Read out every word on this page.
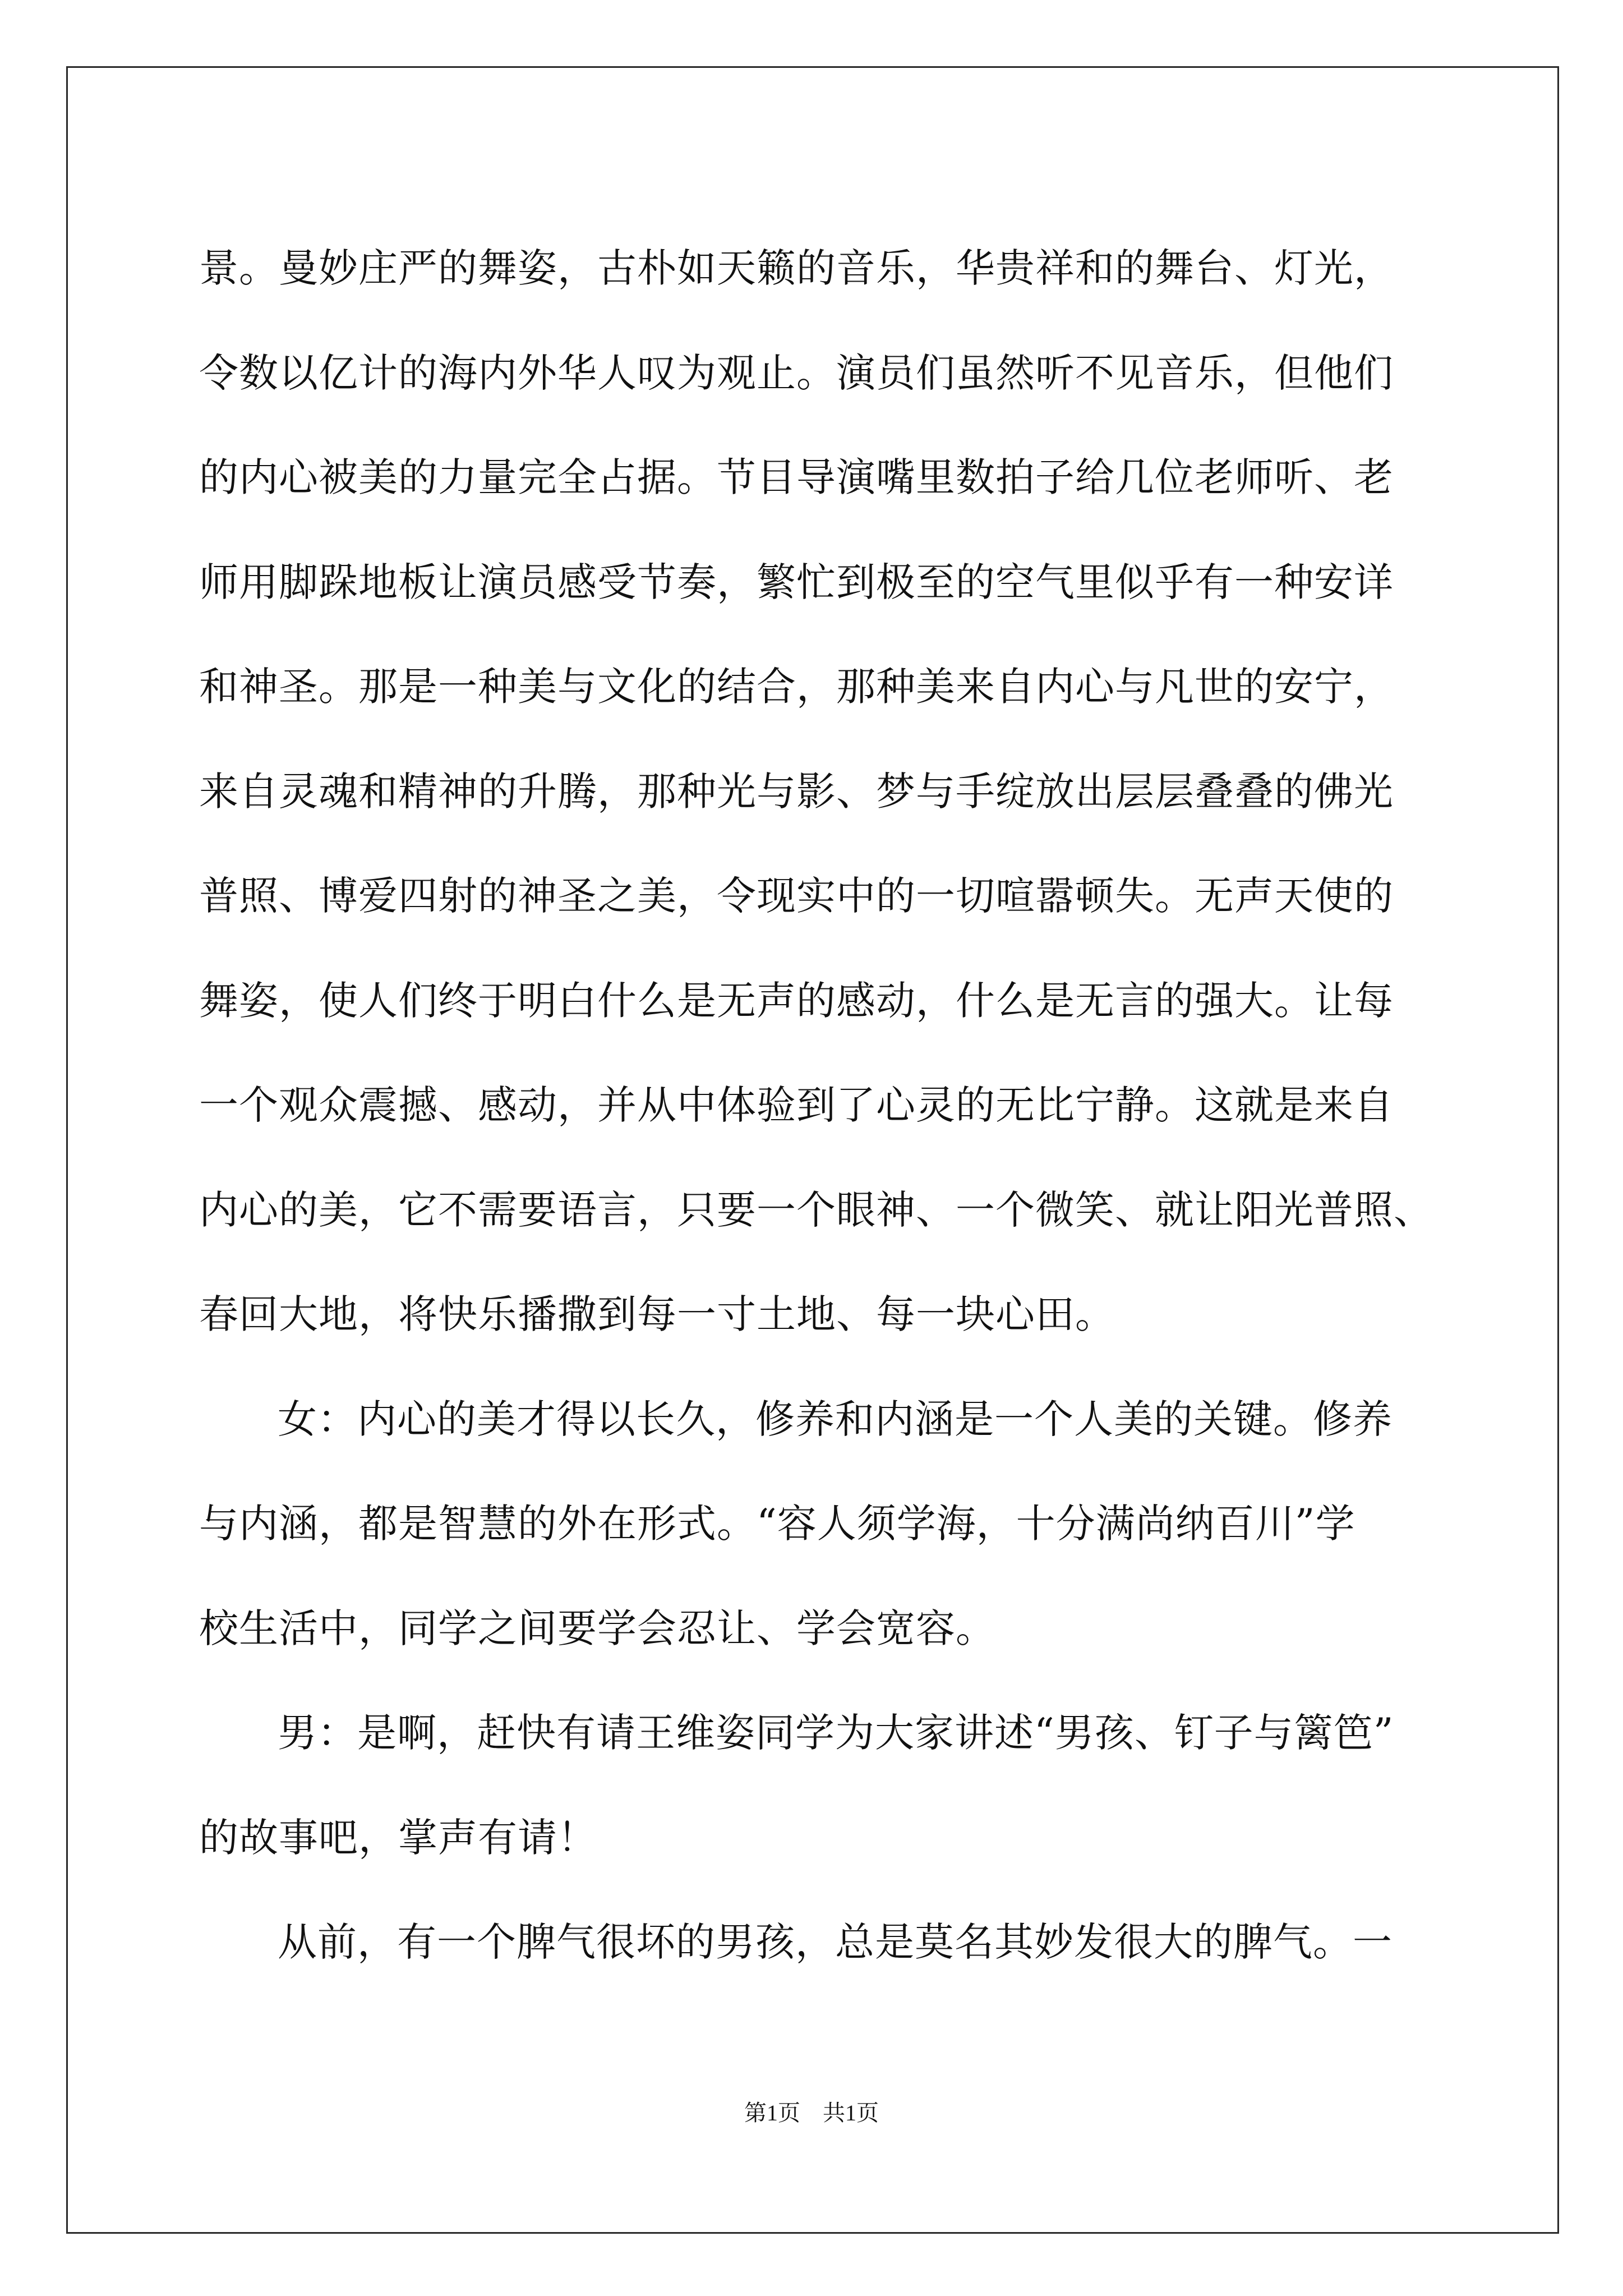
景。曼妙庄严的舞姿，古朴如天籁的音乐，华贵祥和的舞台、灯光，
令数以亿计的海内外华人叹为观止。演员们虽然听不见音乐，但他们
的内心被美的力量完全占据。节目导演嘴里数拍子给几位老师听、老
师用脚跺地板让演员感受节奏，繁忙到极至的空气里似乎有一种安详
和神圣。那是一种美与文化的结合，那种美来自内心与凡世的安宁，
来自灵魂和精神的升腾，那种光与影、梦与手绽放出层层叠叠的佛光
普照、博爱四射的神圣之美，令现实中的一切喧嚣顿失。无声天使的
舞姿，使人们终于明白什么是无声的感动，什么是无言的强大。让每
一个观众震撼、感动，并从中体验到了心灵的无比宁静。这就是来自
内心的美，它不需要语言，只要一个眼神、一个微笑、就让阳光普照、
春回大地，将快乐播撒到每一寸土地、每一块心田。
女：内心的美才得以长久，修养和内涵是一个人美的关键。修养
与内涵，都是智慧的外在形式。“容人须学海，十分满尚纳百川”学
校生活中，同学之间要学会忍让、学会宽容。
男：是啊，赶快有请王维姿同学为大家讲述“男孩、钉子与篱笆”
的故事吧，掌声有请！
从前，有一个脾气很坏的男孩，总是莫名其妙发很大的脾气。一
第1页　共1页
